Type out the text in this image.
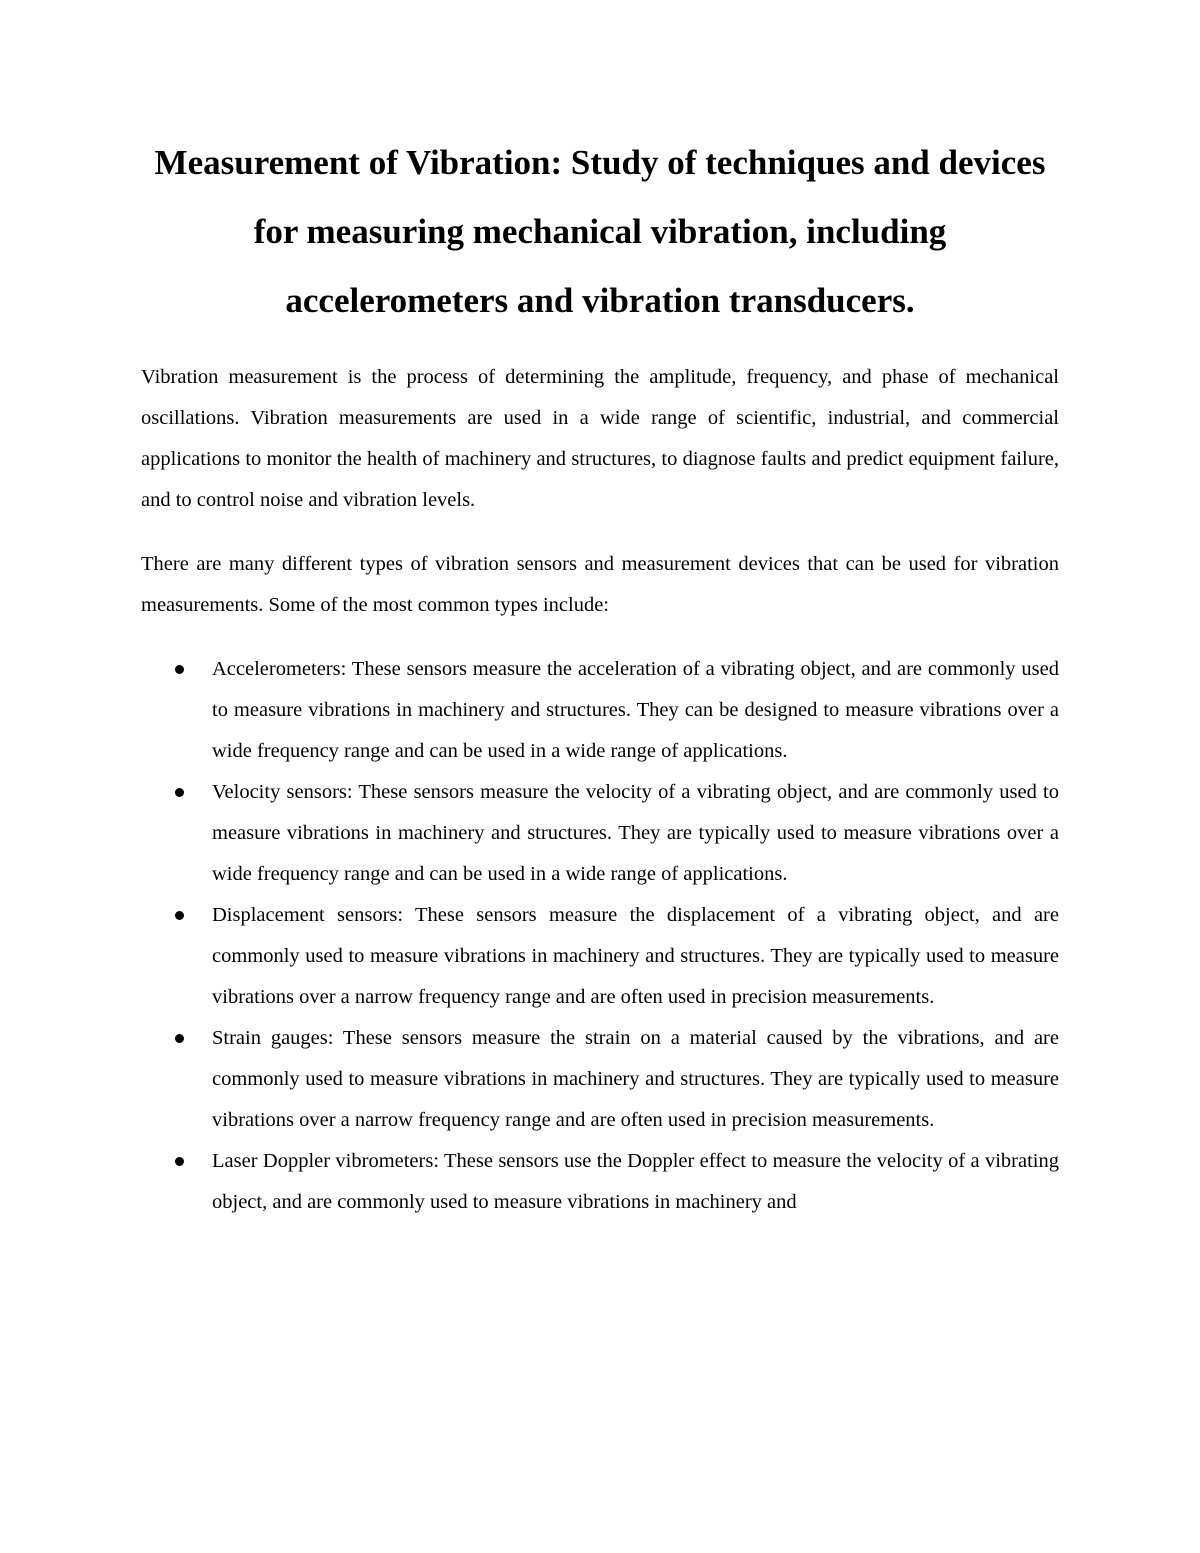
Measurement of Vibration: Study of techniques and devices for measuring mechanical vibration, including accelerometers and vibration transducers.

Vibration measurement is the process of determining the amplitude, frequency, and phase of mechanical oscillations. Vibration measurements are used in a wide range of scientific, industrial, and commercial applications to monitor the health of machinery and structures, to diagnose faults and predict equipment failure, and to control noise and vibration levels.

There are many different types of vibration sensors and measurement devices that can be used for vibration measurements. Some of the most common types include:

Accelerometers: These sensors measure the acceleration of a vibrating object, and are commonly used to measure vibrations in machinery and structures. They can be designed to measure vibrations over a wide frequency range and can be used in a wide range of applications.
Velocity sensors: These sensors measure the velocity of a vibrating object, and are commonly used to measure vibrations in machinery and structures. They are typically used to measure vibrations over a wide frequency range and can be used in a wide range of applications.
Displacement sensors: These sensors measure the displacement of a vibrating object, and are commonly used to measure vibrations in machinery and structures. They are typically used to measure vibrations over a narrow frequency range and are often used in precision measurements.
Strain gauges: These sensors measure the strain on a material caused by the vibrations, and are commonly used to measure vibrations in machinery and structures. They are typically used to measure vibrations over a narrow frequency range and are often used in precision measurements.
Laser Doppler vibrometers: These sensors use the Doppler effect to measure the velocity of a vibrating object, and are commonly used to measure vibrations in machinery and
